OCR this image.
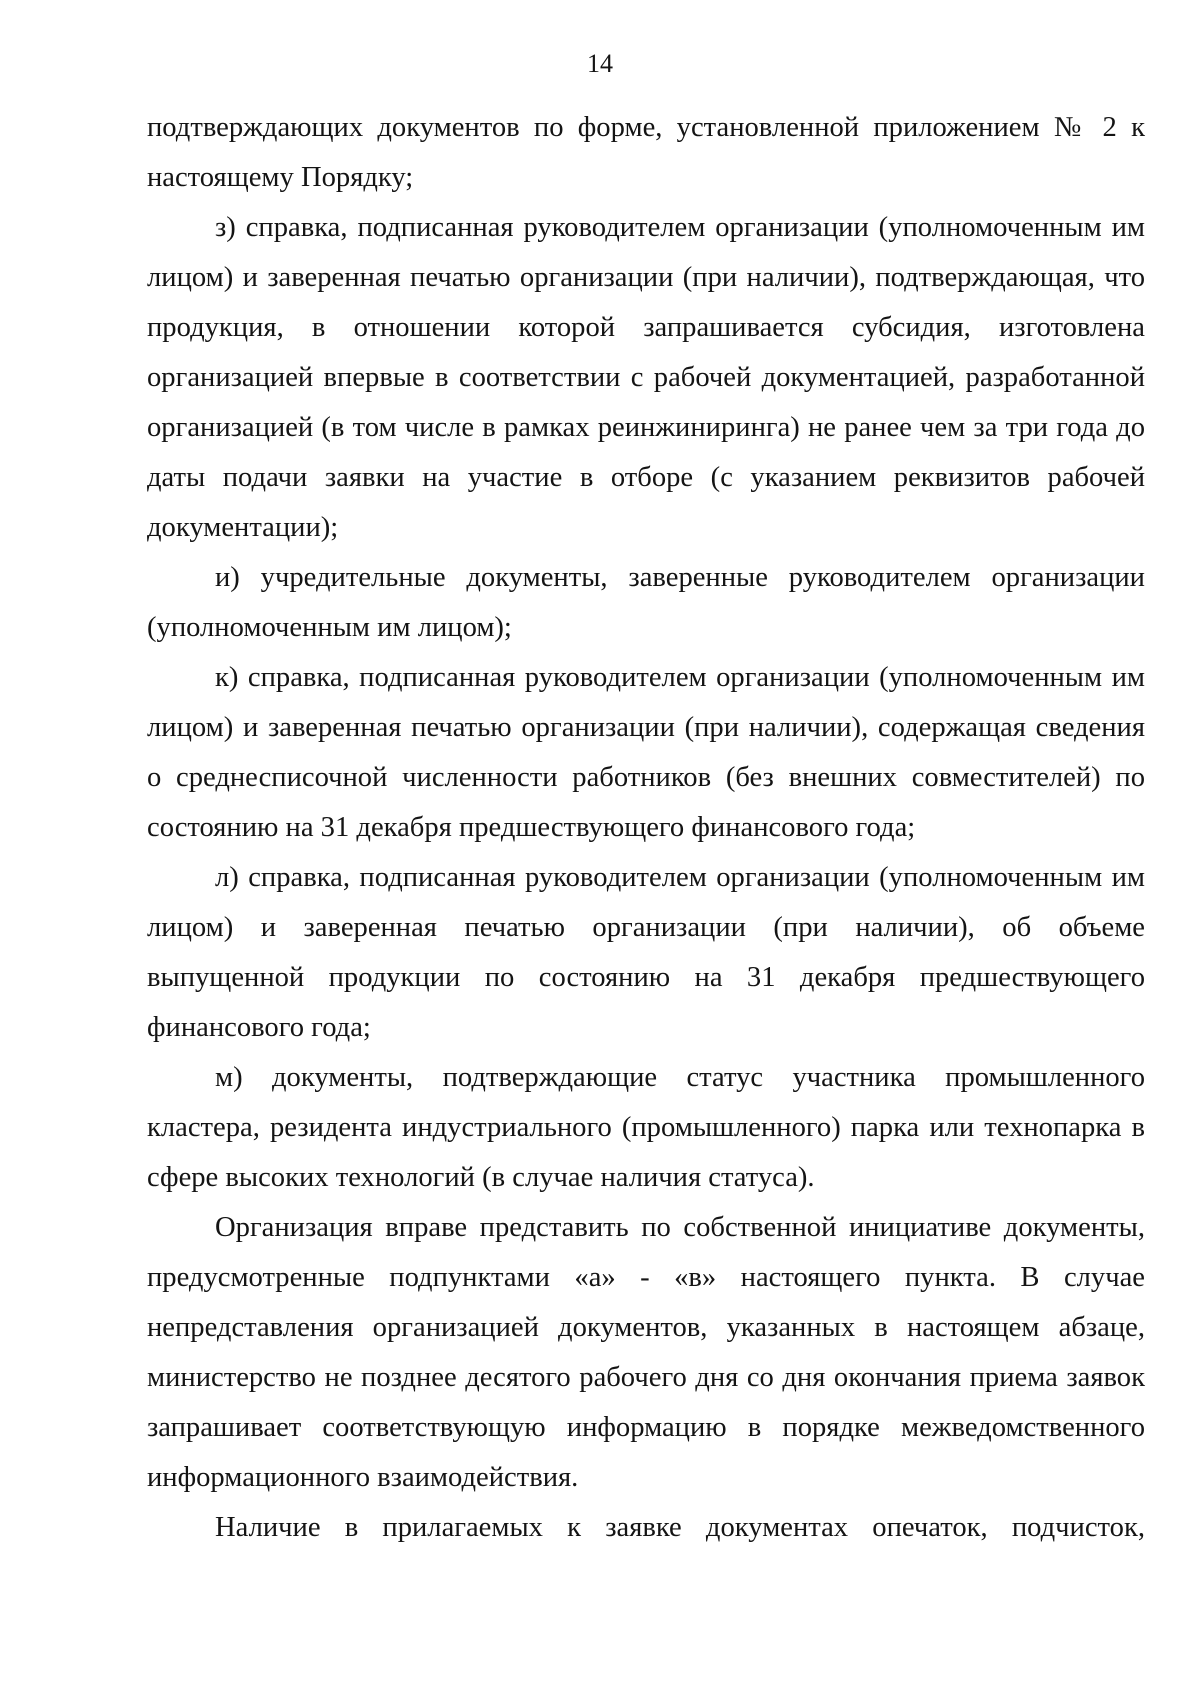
14

подтверждающих документов по форме, установленной приложением № 2 к настоящему Порядку;

з) справка, подписанная руководителем организации (уполномоченным им лицом) и заверенная печатью организации (при наличии), подтверждающая, что продукция, в отношении которой запрашивается субсидия, изготовлена организацией впервые в соответствии с рабочей документацией, разработанной организацией (в том числе в рамках реинжиниринга) не ранее чем за три года до даты подачи заявки на участие в отборе (с указанием реквизитов рабочей документации);

и) учредительные документы, заверенные руководителем организации (уполномоченным им лицом);

к) справка, подписанная руководителем организации (уполномоченным им лицом) и заверенная печатью организации (при наличии), содержащая сведения о среднесписочной численности работников (без внешних совместителей) по состоянию на 31 декабря предшествующего финансового года;

л) справка, подписанная руководителем организации (уполномоченным им лицом) и заверенная печатью организации (при наличии), об объеме выпущенной продукции по состоянию на 31 декабря предшествующего финансового года;

м) документы, подтверждающие статус участника промышленного кластера, резидента индустриального (промышленного) парка или технопарка в сфере высоких технологий (в случае наличия статуса).

Организация вправе представить по собственной инициативе документы, предусмотренные подпунктами «а» - «в» настоящего пункта. В случае непредставления организацией документов, указанных в настоящем абзаце, министерство не позднее десятого рабочего дня со дня окончания приема заявок запрашивает соответствующую информацию в порядке межведомственного информационного взаимодействия.

Наличие в прилагаемых к заявке документах опечаток, подчисток,
